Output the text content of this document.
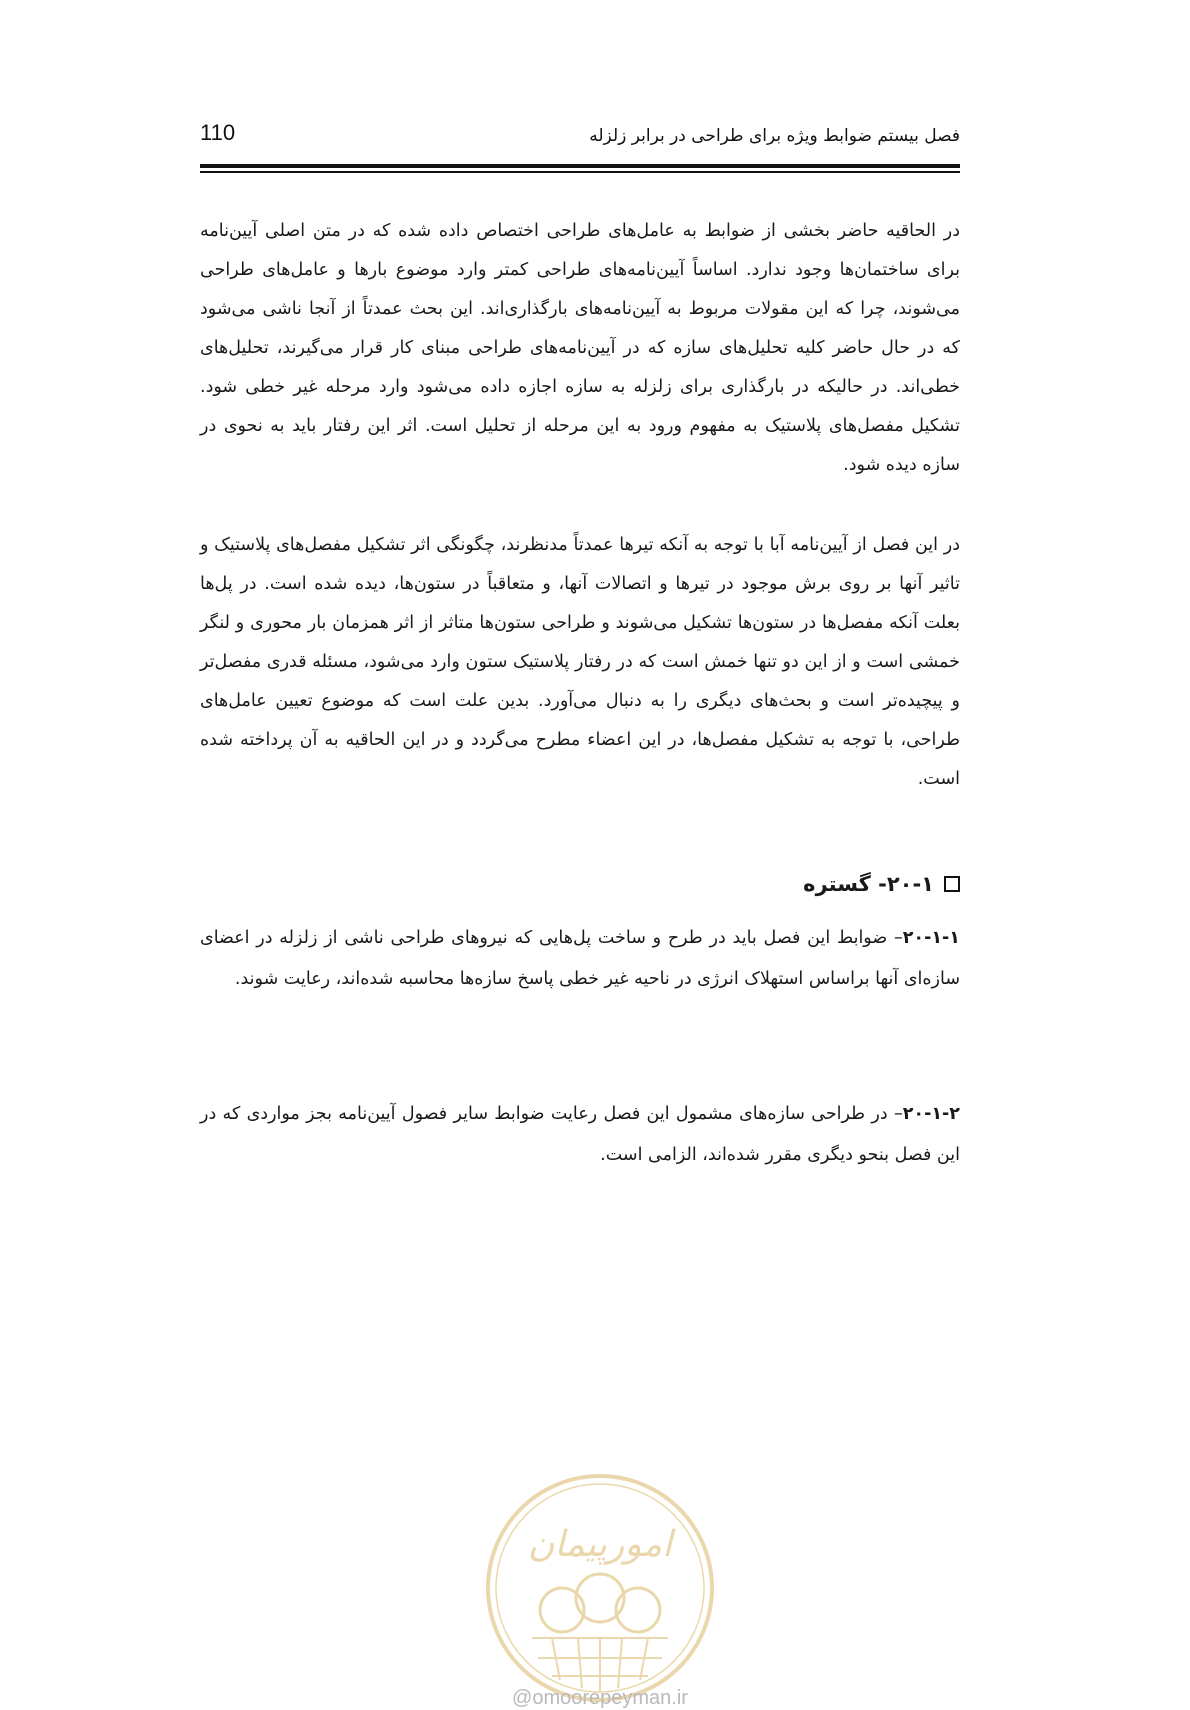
110	فصل بیستم ضوابط ویژه برای طراحی در برابر زلزله

در الحاقیه حاضر بخشی از ضوابط به عامل‌های طراحی اختصاص داده شده که در متن اصلی آیین‌نامه برای ساختمان‌ها وجود ندارد. اساساً آیین‌نامه‌های طراحی کمتر وارد موضوع بارها و عامل‌های طراحی می‌شوند، چرا که این مقولات مربوط به آیین‌نامه‌های بارگذاری‌اند. این بحث عمدتاً از آنجا ناشی می‌شود که در حال حاضر کلیه تحلیل‌های سازه که در آیین‌نامه‌های طراحی مبنای کار قرار می‌گیرند، تحلیل‌های خطی‌اند. در حالیکه در بارگذاری برای زلزله به سازه اجازه داده می‌شود وارد مرحله غیر خطی شود. تشکیل مفصل‌های پلاستیک به مفهوم ورود به این مرحله از تحلیل است. اثر این رفتار باید به نحوی در سازه دیده شود.

در این فصل از آیین‌نامه آبا با توجه به آنکه تیرها عمدتاً مدنظرند، چگونگی اثر تشکیل مفصل‌های پلاستیک و تاثیر آنها بر روی برش موجود در تیرها و اتصالات آنها، و متعاقباً در ستون‌ها، دیده شده است. در پل‌ها بعلت آنکه مفصل‌ها در ستون‌ها تشکیل می‌شوند و طراحی ستون‌ها متاثر از اثر همزمان بار محوری و لنگر خمشی است و از این دو تنها خمش است که در رفتار پلاستیک ستون وارد می‌شود، مسئله قدری مفصل‌تر و پیچیده‌تر است و بحث‌های دیگری را به دنبال می‌آورد. بدین علت است که موضوع تعیین عامل‌های طراحی، با توجه به تشکیل مفصل‌ها، در این اعضاء مطرح می‌گردد و در این الحاقیه به آن پرداخته شده است.

۲۰-۱- گستره

۲۰-۱-۱– ضوابط این فصل باید در طرح و ساخت پل‌هایی که نیروهای طراحی ناشی از زلزله در اعضای سازه‌ای آنها براساس استهلاک انرژی در ناحیه غیر خطی پاسخ سازه‌ها محاسبه شده‌اند، رعایت شوند.

۲۰-۱-۲– در طراحی سازه‌های مشمول این فصل رعایت ضوابط سایر فصول آیین‌نامه بجز مواردی که در این فصل بنحو دیگری مقرر شده‌اند، الزامی است.

امورپیمان
@omoorepeyman.ir
